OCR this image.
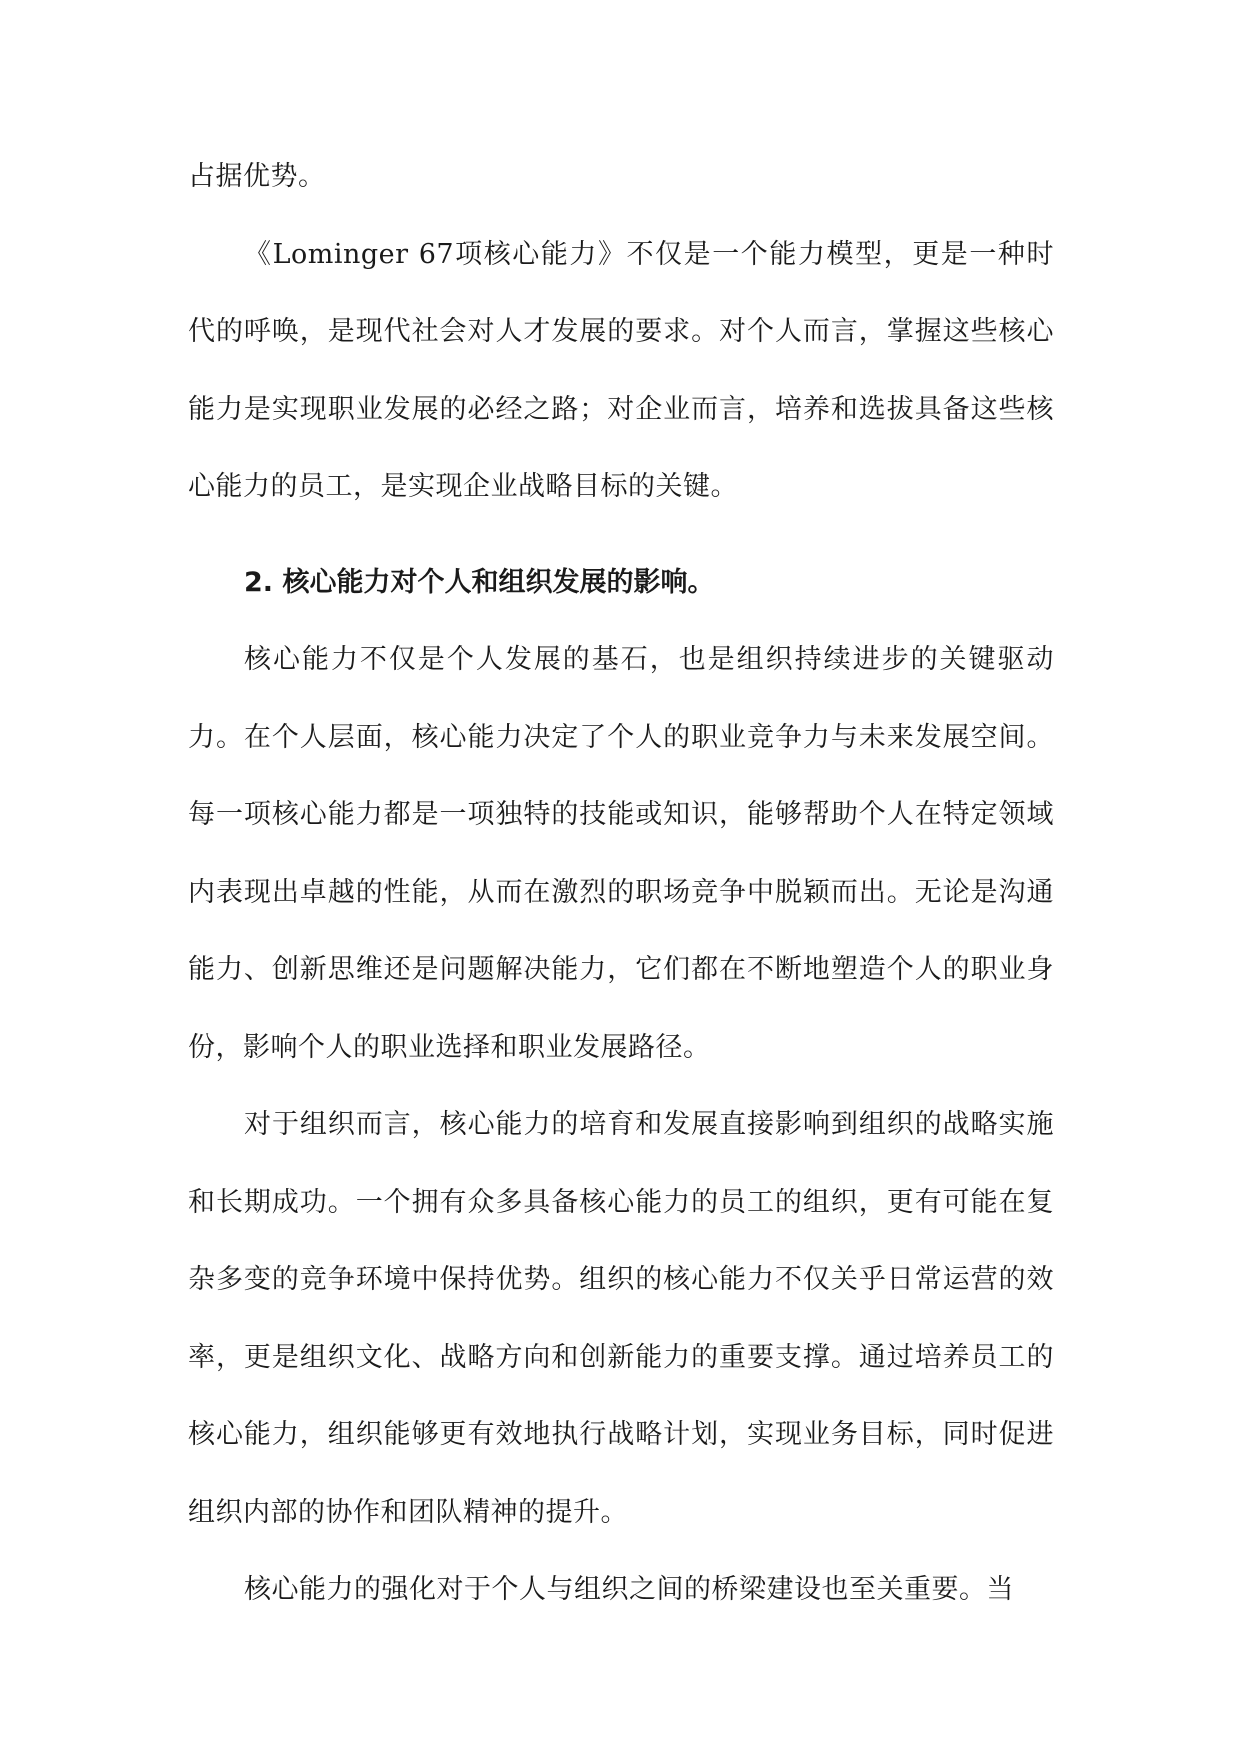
占据优势。

《Lominger 67项核心能力》不仅是一个能力模型，更是一种时代的呼唤，是现代社会对人才发展的要求。对个人而言，掌握这些核心能力是实现职业发展的必经之路；对企业而言，培养和选拔具备这些核心能力的员工，是实现企业战略目标的关键。

2. 核心能力对个人和组织发展的影响。

核心能力不仅是个人发展的基石，也是组织持续进步的关键驱动力。在个人层面，核心能力决定了个人的职业竞争力与未来发展空间。每一项核心能力都是一项独特的技能或知识，能够帮助个人在特定领域内表现出卓越的性能，从而在激烈的职场竞争中脱颖而出。无论是沟通能力、创新思维还是问题解决能力，它们都在不断地塑造个人的职业身份，影响个人的职业选择和职业发展路径。

对于组织而言，核心能力的培育和发展直接影响到组织的战略实施和长期成功。一个拥有众多具备核心能力的员工的组织，更有可能在复杂多变的竞争环境中保持优势。组织的核心能力不仅关乎日常运营的效率，更是组织文化、战略方向和创新能力的重要支撑。通过培养员工的核心能力，组织能够更有效地执行战略计划，实现业务目标，同时促进组织内部的协作和团队精神的提升。

核心能力的强化对于个人与组织之间的桥梁建设也至关重要。当
